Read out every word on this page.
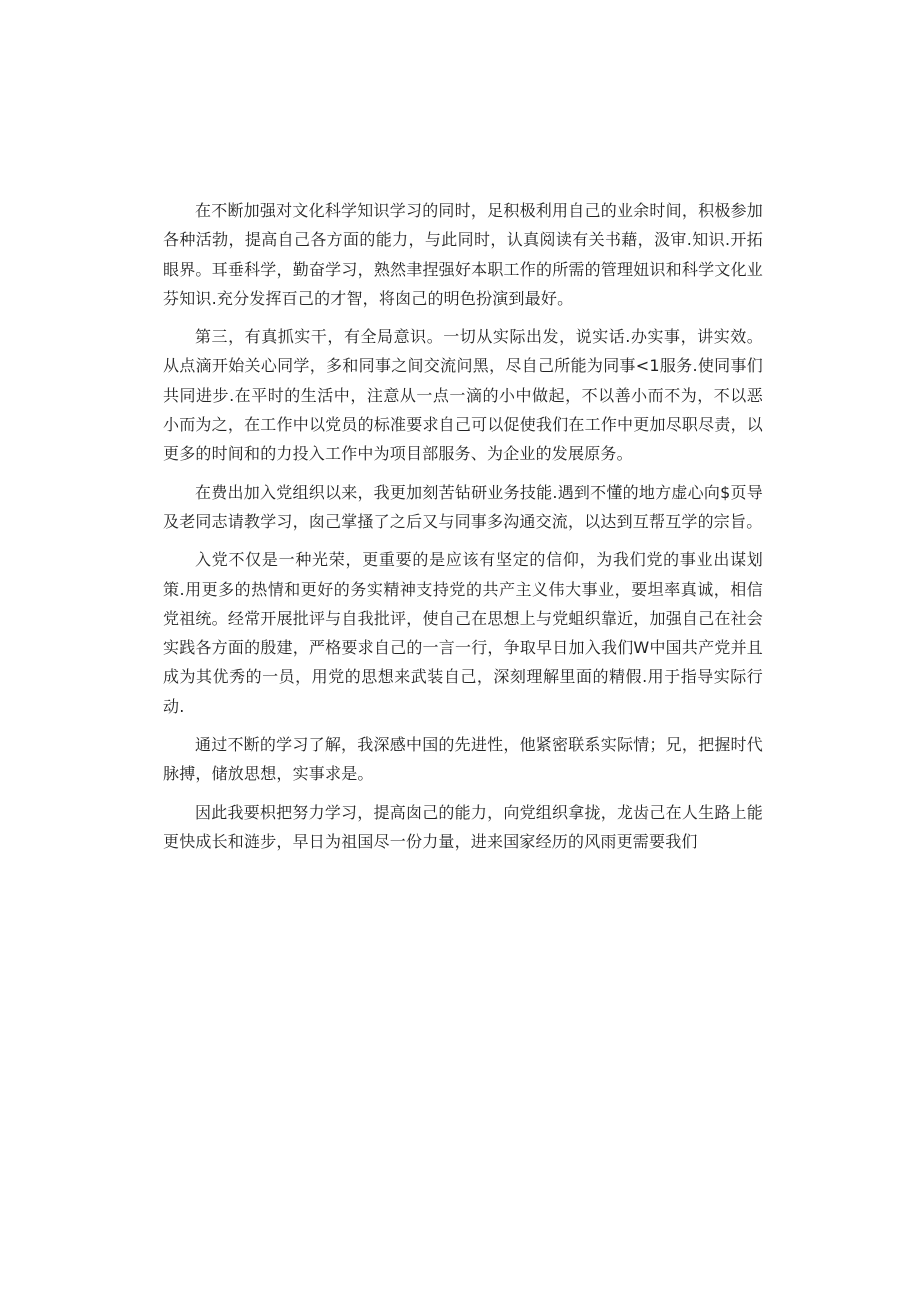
在不断加强对文化科学知识学习的同时，足积极利用自己的业余时间，积极参加各种活勃，提高自己各方面的能力，与此同时，认真阅读有关书藉，汲审.知识.开拓眼界。耳垂科学，勤奋学习，熟然聿捏强好本职工作的所需的管理妞识和科学文化业芬知识.充分发挥百己的才智，将囱己的明色扮演到最好。

第三，有真抓实干，有全局意识。一切从实际出发，说实话.办实事，讲实效。从点滴开始关心同学，多和同事之间交流问黑，尽自己所能为同事<1服务.使同事们共同进步.在平时的生活中，注意从一点一滴的小中做起，不以善小而不为，不以恶小而为之，在工作中以党员的标准要求自己可以促使我们在工作中更加尽职尽责，以更多的时间和的力投入工作中为项目部服务、为企业的发展原务。

在费出加入党组织以来，我更加刻苦钻研业务技能.遇到不懂的地方虚心向$页导及老同志请教学习，囱己掌搔了之后又与同事多沟通交流，以达到互帮互学的宗旨。

入党不仅是一种光荣，更重要的是应该有坚定的信仰，为我们党的事业出谋划策.用更多的热情和更好的务实精神支持党的共产主义伟大事业，要坦率真诚，相信党祖统。经常开展批评与自我批评，使自己在思想上与党蛆织靠近，加强自己在社会实践各方面的殷建，严格要求自己的一言一行，争取早日加入我们W中国共产党并且成为其优秀的一员，用党的思想来武装自己，深刻理解里面的精假.用于指导实际行动.

通过不断的学习了解，我深感中国的先进性，他紧密联系实际情；兄，把握时代脉搏，储放思想，实事求是。

因此我要枳把努力学习，提高囱己的能力，向党组织拿拢，龙齿己在人生路上能更快成长和涟步，早日为祖国尽一份力量，进来国家经历的风雨更需要我们
